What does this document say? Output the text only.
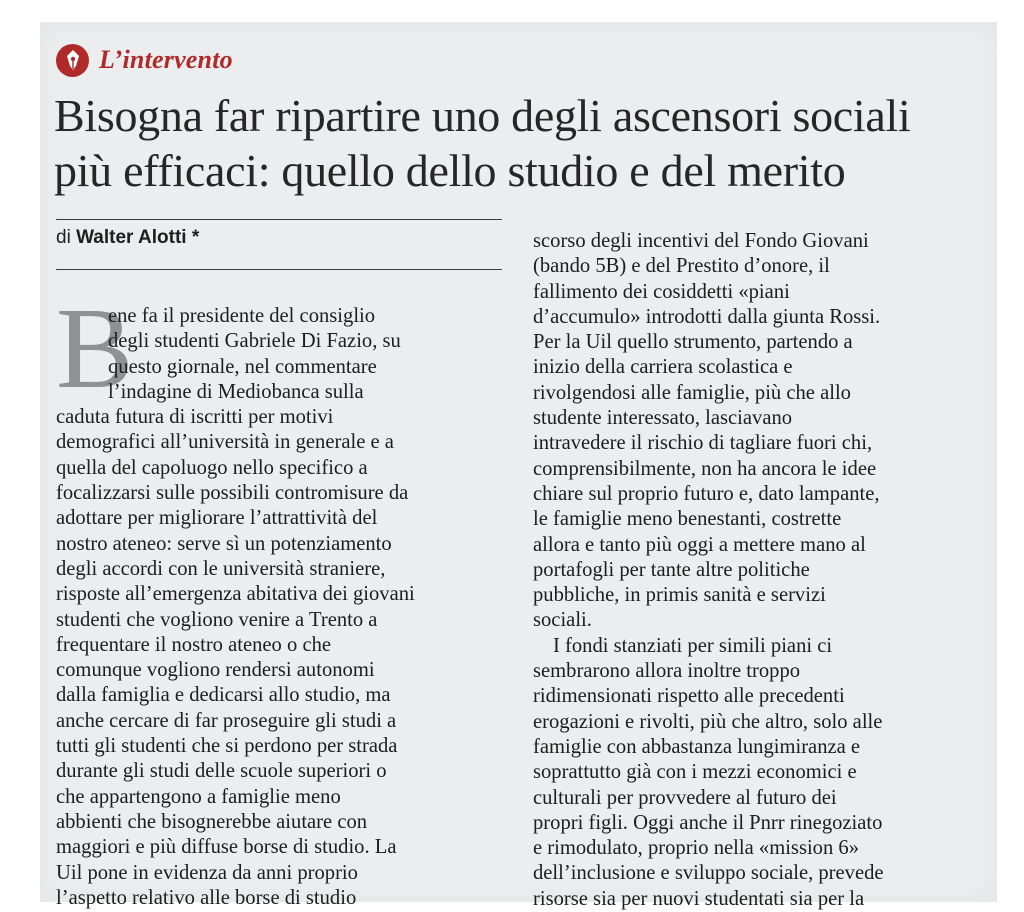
L’intervento
Bisogna far ripartire uno degli ascensori sociali
più efficaci: quello dello studio e del merito
di Walter Alotti *
B

ene fa il presidente del consiglio

degli studenti Gabriele Di Fazio, su

questo giornale, nel commentare

l’indagine di Mediobanca sulla

caduta futura di iscritti per motivi

demografici all’università in generale e a

quella del capoluogo nello specifico a

focalizzarsi sulle possibili contromisure da

adottare per migliorare l’attrattività del

nostro ateneo: serve sì un potenziamento

degli accordi con le università straniere,

risposte all’emergenza abitativa dei giovani

studenti che vogliono venire a Trento a

frequentare il nostro ateneo o che

comunque vogliono rendersi autonomi

dalla famiglia e dedicarsi allo studio, ma

anche cercare di far proseguire gli studi a

tutti gli studenti che si perdono per strada

durante gli studi delle scuole superiori o

che appartengono a famiglie meno

abbienti che bisognerebbe aiutare con

maggiori e più diffuse borse di studio. La

Uil pone in evidenza da anni proprio

l’aspetto relativo alle borse di studio

scorso degli incentivi del Fondo Giovani

(bando 5B) e del Prestito d’onore, il

fallimento dei cosiddetti «piani

d’accumulo» introdotti dalla giunta Rossi.

Per la Uil quello strumento, partendo a

inizio della carriera scolastica e

rivolgendosi alle famiglie, più che allo

studente interessato, lasciavano

intravedere il rischio di tagliare fuori chi,

comprensibilmente, non ha ancora le idee

chiare sul proprio futuro e, dato lampante,

le famiglie meno benestanti, costrette

allora e tanto più oggi a mettere mano al

portafogli per tante altre politiche

pubbliche, in primis sanità e servizi

sociali.

I fondi stanziati per simili piani ci

sembrarono allora inoltre troppo

ridimensionati rispetto alle precedenti

erogazioni e rivolti, più che altro, solo alle

famiglie con abbastanza lungimiranza e

soprattutto già con i mezzi economici e

culturali per provvedere al futuro dei

propri figli. Oggi anche il Pnrr rinegoziato

e rimodulato, proprio nella «mission 6»

dell’inclusione e sviluppo sociale, prevede

risorse sia per nuovi studentati sia per la
